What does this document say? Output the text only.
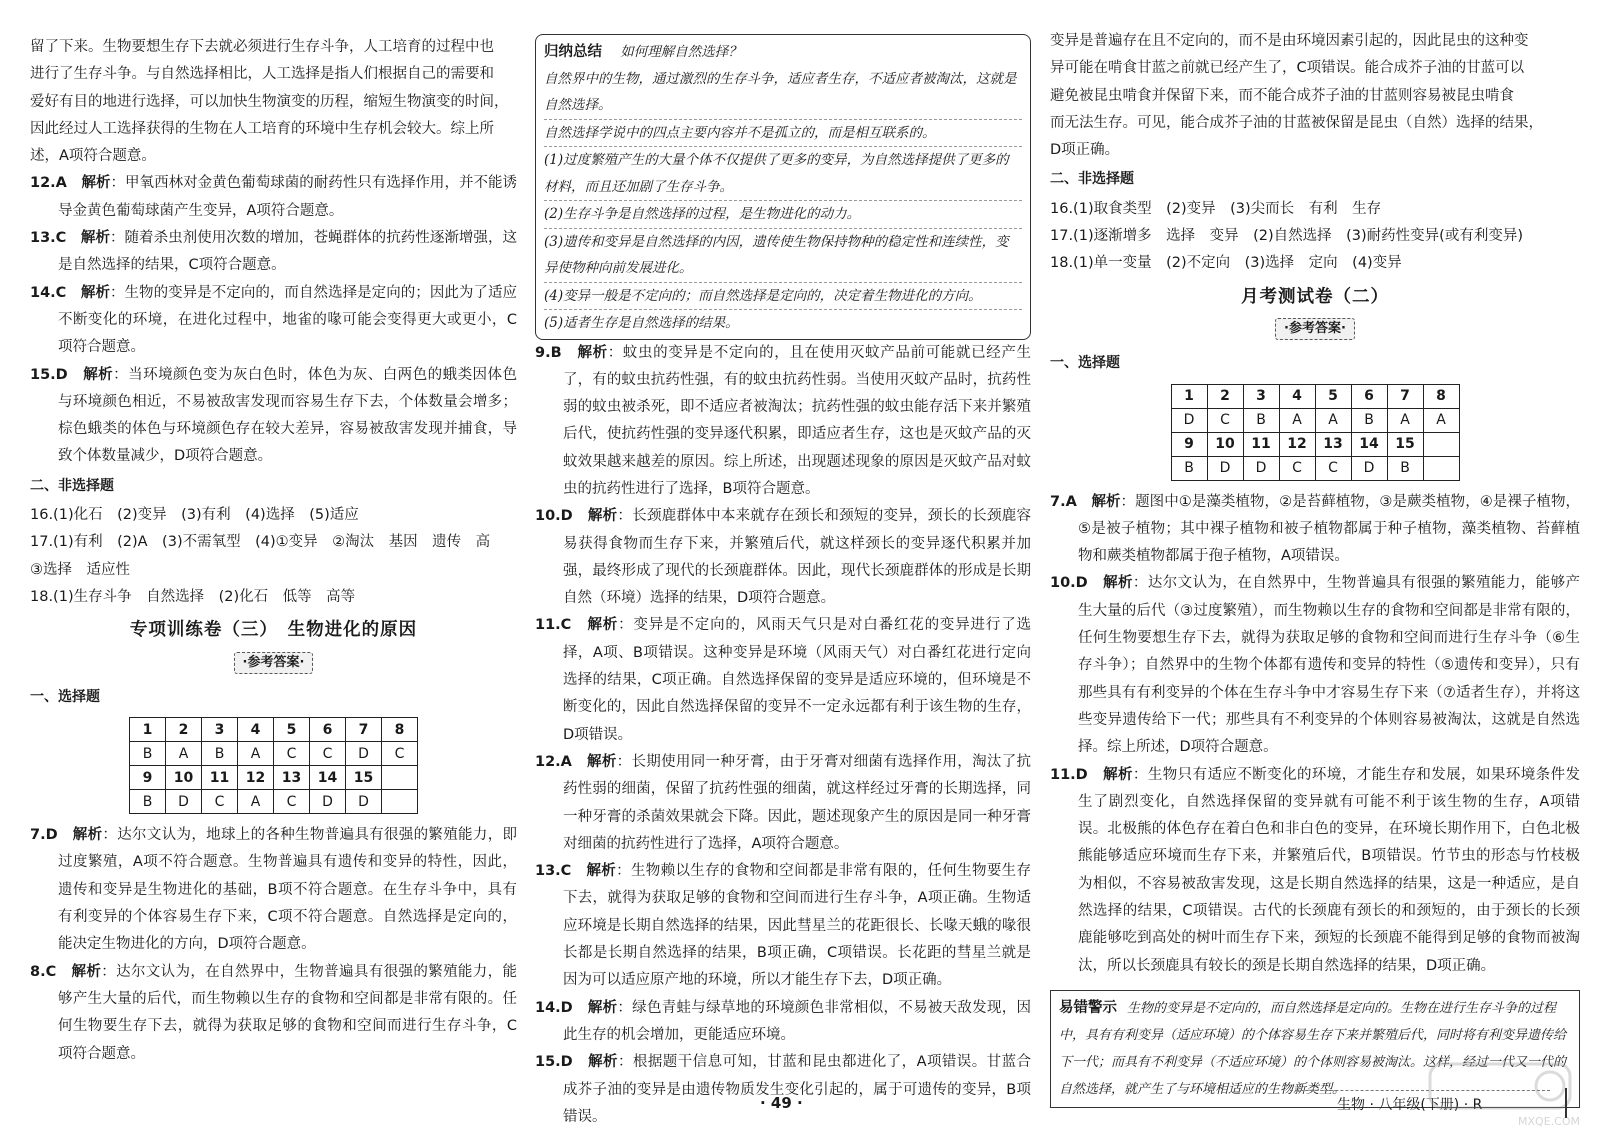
留了下来。生物要想生存下去就必须进行生存斗争，人工培育的过程中也

进行了生存斗争。与自然选择相比，人工选择是指人们根据自己的需要和

爱好有目的地进行选择，可以加快生物演变的历程，缩短生物演变的时间，

因此经过人工选择获得的生物在人工培育的环境中生存机会较大。综上所

述，A项符合题意。

12.A　 解析：甲氧西林对金黄色葡萄球菌的耐药性只有选择作用，并不能诱导金黄色葡萄球菌产生变异，A项符合题意。

13.C　 解析：随着杀虫剂使用次数的增加，苍蝇群体的抗药性逐渐增强，这是自然选择的结果，C项符合题意。

14.C　 解析：生物的变异是不定向的，而自然选择是定向的；因此为了适应不断变化的环境，在进化过程中，地雀的喙可能会变得更大或更小，C项符合题意。

15.D　 解析：当环境颜色变为灰白色时，体色为灰、白两色的蛾类因体色与环境颜色相近，不易被敌害发现而容易生存下去，个体数量会增多；棕色蛾类的体色与环境颜色存在较大差异，容易被敌害发现并捕食，导致个体数量减少，D项符合题意。

二、非选择题

16.(1)化石　(2)变异　(3)有利　(4)选择　(5)适应

17.(1)有利　(2)A　(3)不需氧型　(4)①变异　②淘汰　基因　遗传　高

③选择　适应性

18.(1)生存斗争　自然选择　(2)化石　低等　高等

专项训练卷（三）　生物进化的原因
·参考答案·
一、选择题
1	2	3	4	5	6	7	8
B	A	B	A	C	C	D	C
9	10	11	12	13	14	15	
B	D	C	A	C	D	D	

7.D　 解析：达尔文认为，地球上的各种生物普遍具有很强的繁殖能力，即过度繁殖，A项不符合题意。生物普遍具有遗传和变异的特性，因此，遗传和变异是生物进化的基础，B项不符合题意。在生存斗争中，具有有利变异的个体容易生存下来，C项不符合题意。自然选择是定向的，能决定生物进化的方向，D项符合题意。

8.C　 解析：达尔文认为，在自然界中，生物普遍具有很强的繁殖能力，能够产生大量的后代，而生物赖以生存的食物和空间都是非常有限的。任何生物要生存下去，就得为获取足够的食物和空间而进行生存斗争，C项符合题意。

归纳总结 如何理解自然选择？
自然界中的生物，通过激烈的生存斗争，适应者生存，不适应者被淘汰，这就是自然选择。
自然选择学说中的四点主要内容并不是孤立的，而是相互联系的。
(1)过度繁殖产生的大量个体不仅提供了更多的变异，为自然选择提供了更多的材料，而且还加剧了生存斗争。
(2)生存斗争是自然选择的过程，是生物进化的动力。
(3)遗传和变异是自然选择的内因，遗传使生物保持物种的稳定性和连续性，变异使物种向前发展进化。
(4)变异一般是不定向的；而自然选择是定向的，决定着生物进化的方向。
(5)适者生存是自然选择的结果。

9.B　 解析：蚊虫的变异是不定向的，且在使用灭蚊产品前可能就已经产生了，有的蚊虫抗药性强，有的蚊虫抗药性弱。当使用灭蚊产品时，抗药性弱的蚊虫被杀死，即不适应者被淘汰；抗药性强的蚊虫能存活下来并繁殖后代，使抗药性强的变异逐代积累，即适应者生存，这也是灭蚊产品的灭蚊效果越来越差的原因。综上所述，出现题述现象的原因是灭蚊产品对蚊虫的抗药性进行了选择，B项符合题意。

10.D　 解析：长颈鹿群体中本来就存在颈长和颈短的变异，颈长的长颈鹿容易获得食物而生存下来，并繁殖后代，就这样颈长的变异逐代积累并加强，最终形成了现代的长颈鹿群体。因此，现代长颈鹿群体的形成是长期自然（环境）选择的结果，D项符合题意。

11.C　 解析：变异是不定向的，风雨天气只是对白番红花的变异进行了选择，A项、B项错误。这种变异是环境（风雨天气）对白番红花进行定向选择的结果，C项正确。自然选择保留的变异是适应环境的，但环境是不断变化的，因此自然选择保留的变异不一定永远都有利于该生物的生存，D项错误。

12.A　 解析：长期使用同一种牙膏，由于牙膏对细菌有选择作用，淘汰了抗药性弱的细菌，保留了抗药性强的细菌，就这样经过牙膏的长期选择，同一种牙膏的杀菌效果就会下降。因此，题述现象产生的原因是同一种牙膏对细菌的抗药性进行了选择，A项符合题意。

13.C　 解析：生物赖以生存的食物和空间都是非常有限的，任何生物要生存下去，就得为获取足够的食物和空间而进行生存斗争，A项正确。生物适应环境是长期自然选择的结果，因此彗星兰的花距很长、长喙天蛾的喙很长都是长期自然选择的结果，B项正确，C项错误。长花距的彗星兰就是因为可以适应原产地的环境，所以才能生存下去，D项正确。

14.D　 解析：绿色青蛙与绿草地的环境颜色非常相似，不易被天敌发现，因此生存的机会增加，更能适应环境。

15.D　 解析：根据题干信息可知，甘蓝和昆虫都进化了，A项错误。甘蓝合成芥子油的变异是由遗传物质发生变化引起的，属于可遗传的变异，B项错误。

变异是普遍存在且不定向的，而不是由环境因素引起的，因此昆虫的这种变

异可能在啃食甘蓝之前就已经产生了，C项错误。能合成芥子油的甘蓝可以

避免被昆虫啃食并保留下来，而不能合成芥子油的甘蓝则容易被昆虫啃食

而无法生存。可见，能合成芥子油的甘蓝被保留是昆虫（自然）选择的结果，

D项正确。

二、非选择题

16.(1)取食类型　(2)变异　(3)尖而长　有利　生存

17.(1)逐渐增多　选择　变异　(2)自然选择　(3)耐药性变异(或有利变异)

18.(1)单一变量　(2)不定向　(3)选择　定向　(4)变异

月考测试卷（二）
·参考答案·
一、选择题
1	2	3	4	5	6	7	8
D	C	B	A	A	B	A	A
9	10	11	12	13	14	15	
B	D	D	C	C	D	B	

7.A　 解析：题图中①是藻类植物，②是苔藓植物，③是蕨类植物，④是裸子植物，⑤是被子植物；其中裸子植物和被子植物都属于种子植物，藻类植物、苔藓植物和蕨类植物都属于孢子植物，A项错误。

10.D　 解析：达尔文认为，在自然界中，生物普遍具有很强的繁殖能力，能够产生大量的后代（③过度繁殖），而生物赖以生存的食物和空间都是非常有限的，任何生物要想生存下去，就得为获取足够的食物和空间而进行生存斗争（⑥生存斗争）；自然界中的生物个体都有遗传和变异的特性（⑤遗传和变异），只有那些具有有利变异的个体在生存斗争中才容易生存下来（⑦适者生存），并将这些变异遗传给下一代；那些具有不利变异的个体则容易被淘汰，这就是自然选择。综上所述，D项符合题意。

11.D　 解析：生物只有适应不断变化的环境，才能生存和发展，如果环境条件发生了剧烈变化，自然选择保留的变异就有可能不利于该生物的生存，A项错误。北极熊的体色存在着白色和非白色的变异，在环境长期作用下，白色北极熊能够适应环境而生存下来，并繁殖后代，B项错误。竹节虫的形态与竹枝极为相似，不容易被敌害发现，这是长期自然选择的结果，这是一种适应，是自然选择的结果，C项错误。古代的长颈鹿有颈长的和颈短的，由于颈长的长颈鹿能够吃到高处的树叶而生存下来，颈短的长颈鹿不能得到足够的食物而被淘汰，所以长颈鹿具有较长的颈是长期自然选择的结果，D项正确。

易错警示 生物的变异是不定向的，而自然选择是定向的。生物在进行生存斗争的过程中，具有有利变异（适应环境）的个体容易生存下来并繁殖后代，同时将有利变异遗传给下一代；而具有不利变异（不适应环境）的个体则容易被淘汰。这样，经过一代又一代的自然选择，就产生了与环境相适应的生物新类型。
· 49 ·	生物 · 八年级(下册) · R
MXQE.COM
